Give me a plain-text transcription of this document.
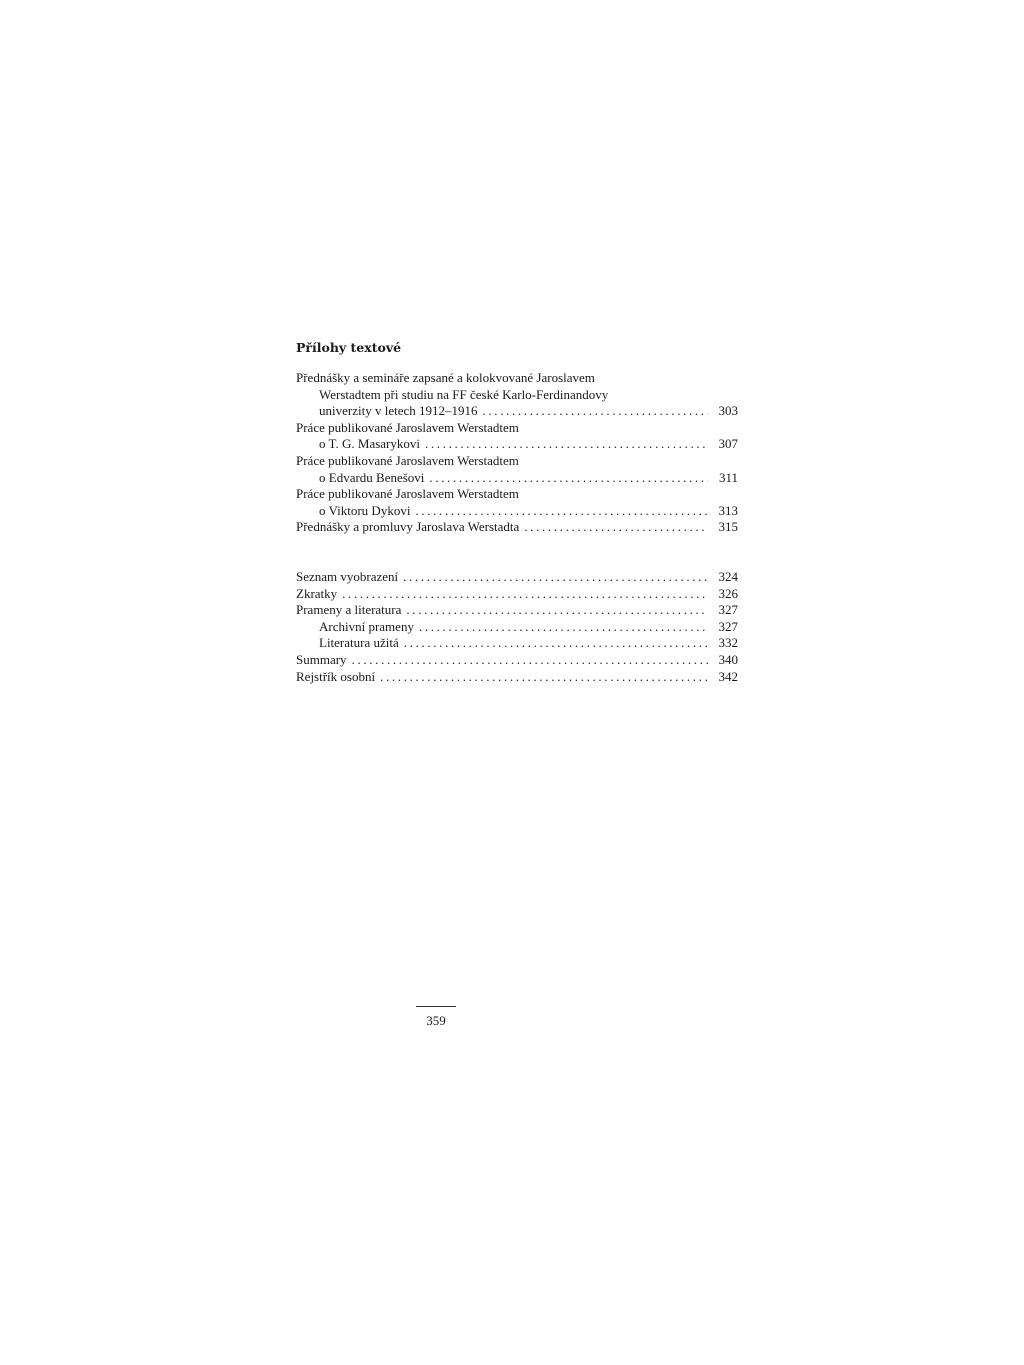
Přílohy textové
Přednášky a semináře zapsané a kolokvované Jaroslavem
Werstadtem při studiu na FF české Karlo-Ferdinandovy
univerzity v letech 1912–1916 . . .	303
Práce publikované Jaroslavem Werstadtem
o T. G. Masarykovi . . .	307
Práce publikované Jaroslavem Werstadtem
o Edvardu Benešovi . . .	311
Práce publikované Jaroslavem Werstadtem
o Viktoru Dykovi . . .	313
Přednášky a promluvy Jaroslava Werstadta . . .	315
Seznam vyobrazení . . .	324
Zkratky . . .	326
Prameny a literatura . . .	327
Archivní prameny . . .	327
Literatura užitá . . .	332
Summary . . .	340
Rejstřík osobní . . .	342
359
